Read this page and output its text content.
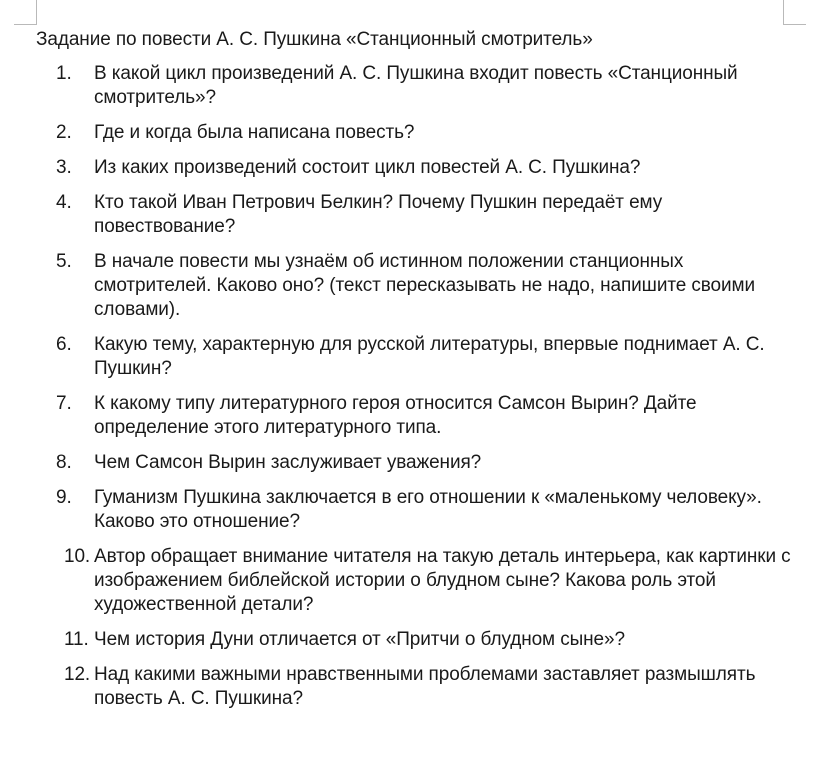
Задание по повести А. С. Пушкина «Станционный смотритель»
1.	В какой цикл произведений А. С. Пушкина входит повесть «Станционный смотритель»?
2.	Где и когда была написана повесть?
3.	Из каких произведений состоит цикл повестей А. С. Пушкина?
4.	Кто такой Иван Петрович Белкин? Почему Пушкин передаёт ему повествование?
5.	В начале повести мы узнаём об истинном положении станционных смотрителей. Каково оно? (текст пересказывать не надо, напишите своими словами).
6.	Какую тему, характерную для русской литературы, впервые поднимает А. С. Пушкин?
7.	К какому типу литературного героя относится Самсон Вырин? Дайте определение этого литературного типа.
8.	Чем Самсон Вырин заслуживает уважения?
9.	Гуманизм Пушкина заключается в его отношении к «маленькому человеку». Каково это отношение?
10. Автор обращает внимание читателя на такую деталь интерьера, как картинки с изображением библейской истории о блудном сыне? Какова роль этой художественной детали?
11. Чем история Дуни отличается от «Притчи о блудном сыне»?
12. Над какими важными нравственными проблемами заставляет размышлять повесть А. С. Пушкина?
